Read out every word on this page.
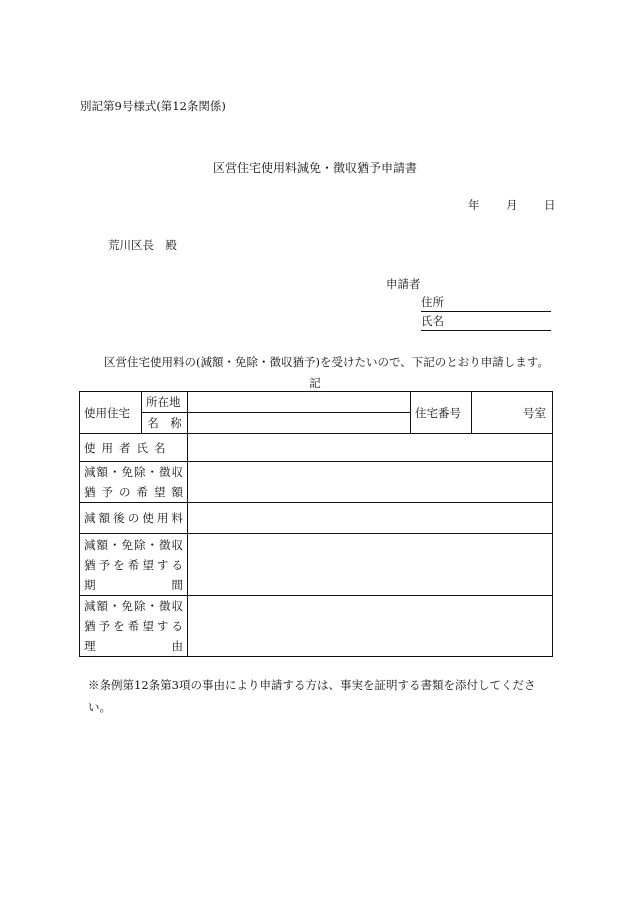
別記第9号様式(第12条関係)
区営住宅使用料減免・徴収猶予申請書
年	月	日
荒川区長　殿
申請者
住所
氏名
区営住宅使用料の(減額・免除・徴収猶予)を受けたいので、下記のとおり申請します。
記
使用住宅	所在地		住宅番号	号室
	名　称			
使用者氏名				

減額・免除・徴収
猶予の希望額				

減額後の使用料				

減額・免除・徴収
猶予を希望する
期 間				

減額・免除・徴収
猶予を希望する
理 由				

※条例第12条第3項の事由により申請する方は、事実を証明する書類を添付してください。
